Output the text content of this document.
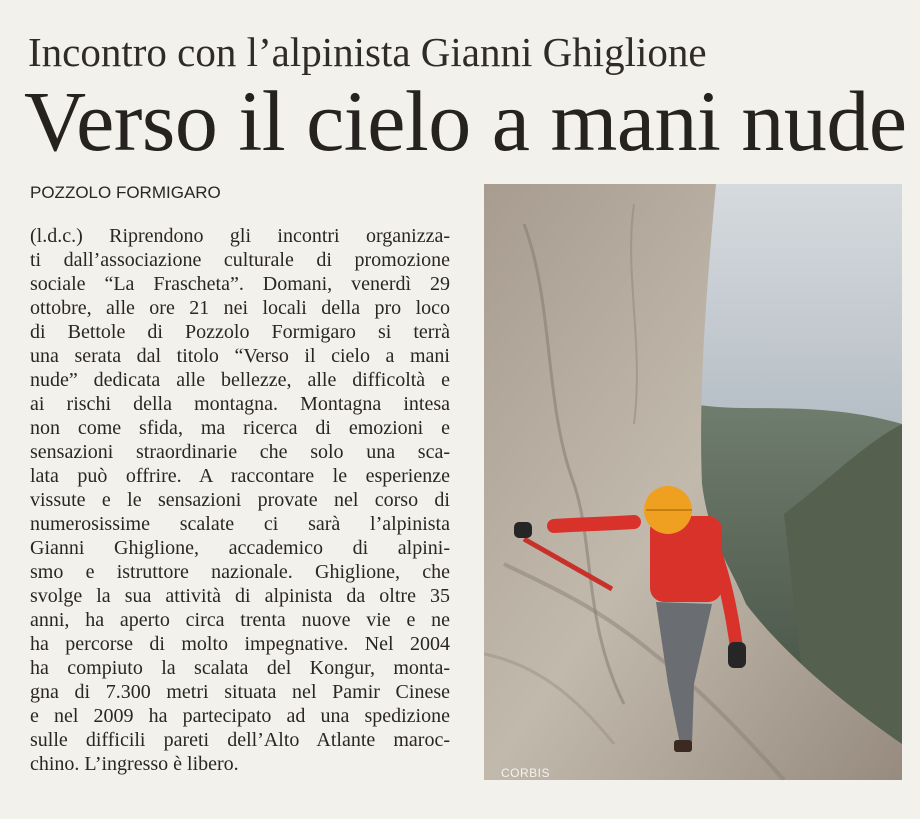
Incontro con l’alpinista Gianni Ghiglione
Verso il cielo a mani nude
POZZOLO FORMIGARO
(l.d.c.) Riprendono gli incontri organizza-
ti dall’associazione culturale di promozione
sociale “La Frascheta”. Domani, venerdì 29
ottobre, alle ore 21 nei locali della pro loco
di Bettole di Pozzolo Formigaro si terrà
una serata dal titolo “Verso il cielo a mani
nude” dedicata alle bellezze, alle difficoltà e
ai rischi della montagna. Montagna intesa
non come sfida, ma ricerca di emozioni e
sensazioni straordinarie che solo una sca-
lata può offrire. A raccontare le esperienze
vissute e le sensazioni provate nel corso di
numerosissime scalate ci sarà l’alpinista
Gianni Ghiglione, accademico di alpini-
smo e istruttore nazionale. Ghiglione, che
svolge la sua attività di alpinista da oltre 35
anni, ha aperto circa trenta nuove vie e ne
ha percorse di molto impegnative. Nel 2004
ha compiuto la scalata del Kongur, monta-
gna di 7.300 metri situata nel Pamir Cinese
e nel 2009 ha partecipato ad una spedizione
sulle difficili pareti dell’Alto Atlante maroc-
chino. L’ingresso è libero.	CORBIS
